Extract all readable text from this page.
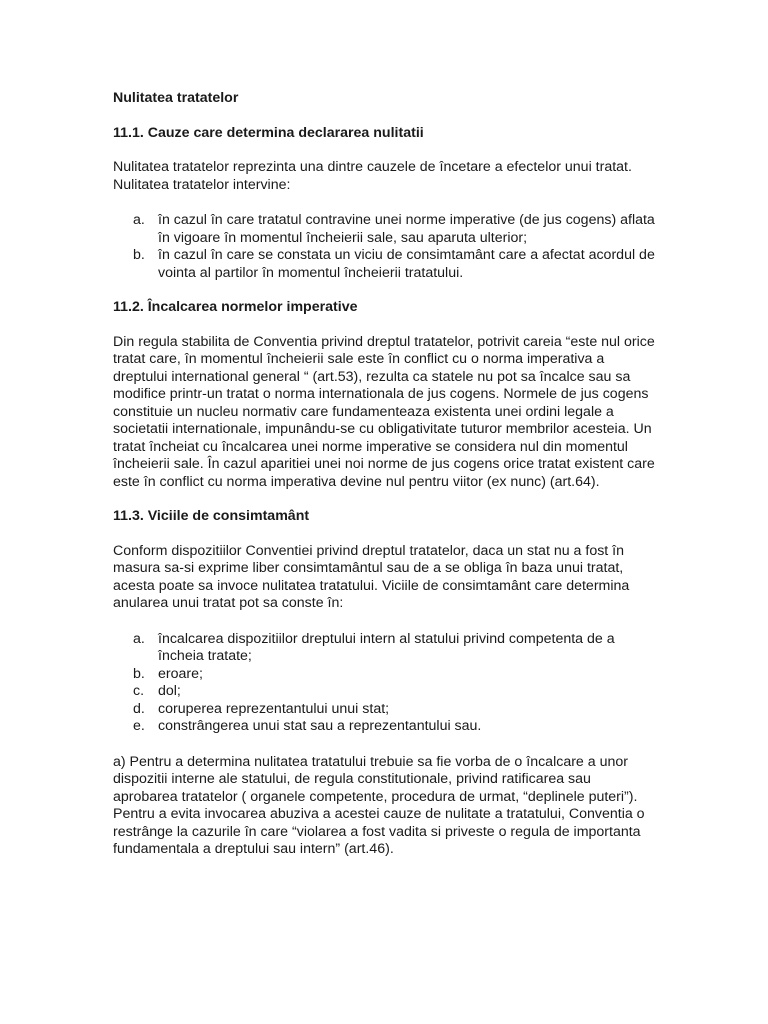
Nulitatea tratatelor
11.1. Cauze care determina declararea nulitatii

Nulitatea tratatelor reprezinta una dintre cauzele de încetare a efectelor unui tratat. Nulitatea tratatelor intervine:

a. în cazul în care tratatul contravine unei norme imperative (de jus cogens) aflata în vigoare în momentul încheierii sale, sau aparuta ulterior;
b. în cazul în care se constata un viciu de consimtamânt care a afectat acordul de vointa al partilor în momentul încheierii tratatului.
11.2. Încalcarea normelor imperative

Din regula stabilita de Conventia privind dreptul tratatelor, potrivit careia “este nul orice tratat care, în momentul încheierii sale este în conflict cu o norma imperativa a dreptului international general “ (art.53), rezulta ca statele nu pot sa încalce sau sa modifice printr-un tratat o norma internationala de jus cogens. Normele de jus cogens constituie un nucleu normativ care fundamenteaza existenta unei ordini legale a societatii internationale, impunându-se cu obligativitate tuturor membrilor acesteia. Un tratat încheiat cu încalcarea unei norme imperative se considera nul din momentul încheierii sale. În cazul aparitiei unei noi norme de jus cogens orice tratat existent care este în conflict cu norma imperativa devine nul pentru viitor (ex nunc) (art.64).

11.3. Viciile de consimtamânt

Conform dispozitiilor Conventiei privind dreptul tratatelor, daca un stat nu a fost în masura sa-si exprime liber consimtamântul sau de a se obliga în baza unui tratat, acesta poate sa invoce nulitatea tratatului. Viciile de consimtamânt care determina anularea unui tratat pot sa conste în:

a. încalcarea dispozitiilor dreptului intern al statului privind competenta de a încheia tratate;
b. eroare;
c. dol;
d. coruperea reprezentantului unui stat;
e. constrângerea unui stat sau a reprezentantului sau.

a) Pentru a determina nulitatea tratatului trebuie sa fie vorba de o încalcare a unor dispozitii interne ale statului, de regula constitutionale, privind ratificarea sau aprobarea tratatelor ( organele competente, procedura de urmat, “deplinele puteri”). Pentru a evita invocarea abuziva a acestei cauze de nulitate a tratatului, Conventia o restrânge la cazurile în care “violarea a fost vadita si priveste o regula de importanta fundamentala a dreptului sau intern” (art.46).
